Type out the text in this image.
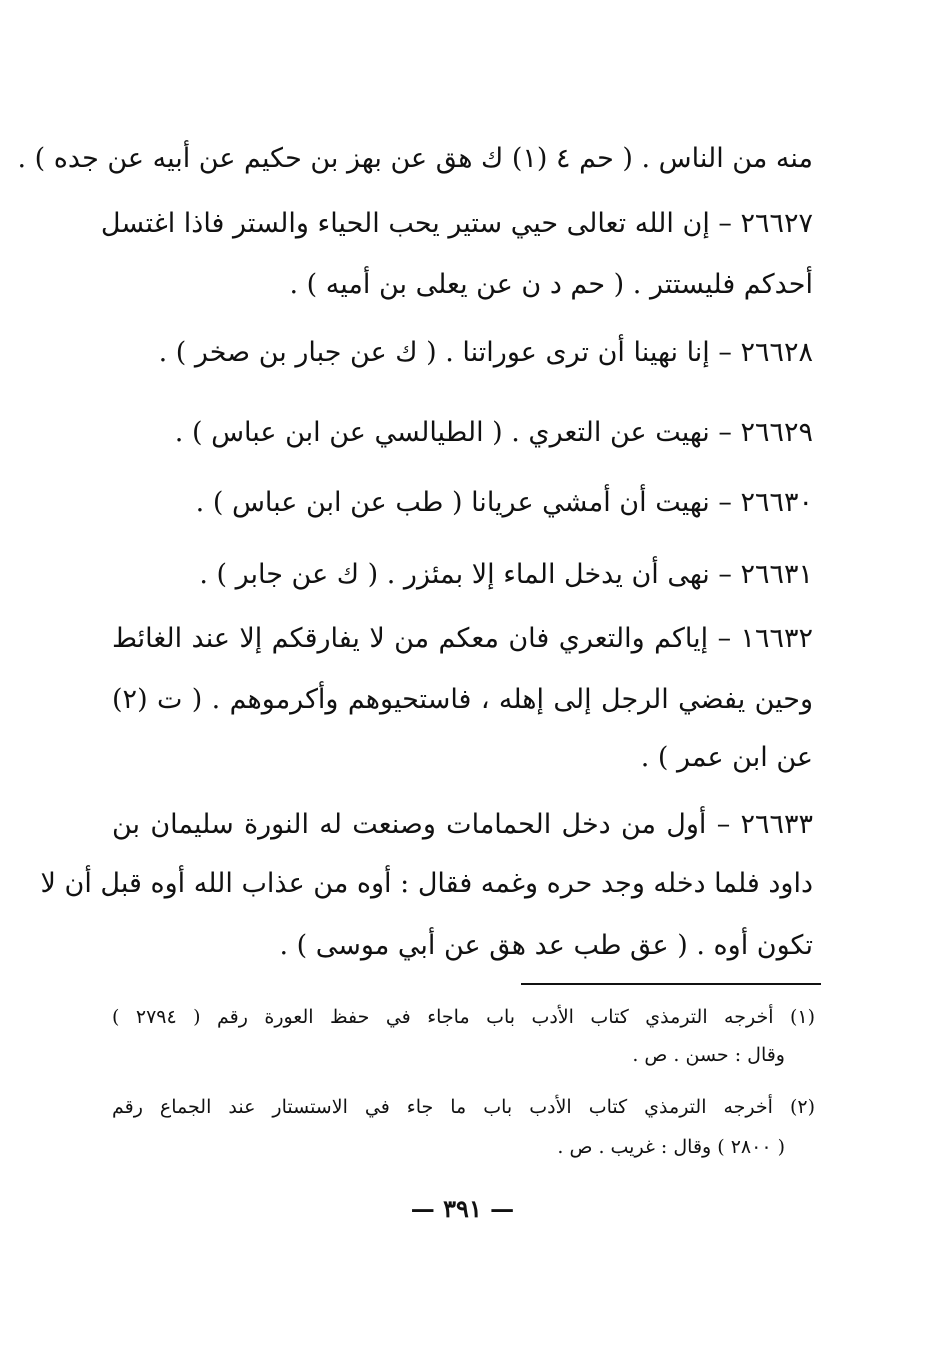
منه من الناس . ( حم ٤ (١) ك هق عن بهز بن حكيم عن أبيه عن جده ) .
٢٦٦٢٧ – إن الله تعالى حيي ستير يحب الحياء والستر فاذا اغتسل
أحدكم فليستتر . ( حم د ن عن يعلى بن أميه ) .
٢٦٦٢٨ – إنا نهينا أن ترى عوراتنا . ( ك عن جبار بن صخر ) .
٢٦٦٢٩ – نهيت عن التعري . ( الطيالسي عن ابن عباس ) .
٢٦٦٣٠ – نهيت أن أمشي عريانا ( طب عن ابن عباس ) .
٢٦٦٣١ – نهى أن يدخل الماء إلا بمئزر . ( ك عن جابر ) .
١٦٦٣٢ – إياكم والتعري فان معكم من لا يفارقكم إلا عند الغائط
وحين يفضي الرجل إلى إهله ، فاستحيوهم وأكرموهم . ( ت (٢)
عن ابن عمر ) .
٢٦٦٣٣ – أول من دخل الحمامات وصنعت له النورة سليمان بن
داود فلما دخله وجد حره وغمه فقال : أوه من عذاب الله أوه قبل أن لا
تكون أوه . ( عق طب عد هق عن أبي موسى ) .
(١) أخرجه الترمذي كتاب الأدب باب ماجاء في حفظ العورة رقم ( ٢٧٩٤ )
وقال : حسن . ص .
(٢) أخرجه الترمذي كتاب الأدب باب ما جاء في الاستستار عند الجماع رقم
( ٢٨٠٠ ) وقال : غريب . ص .
— ٣٩١ —
